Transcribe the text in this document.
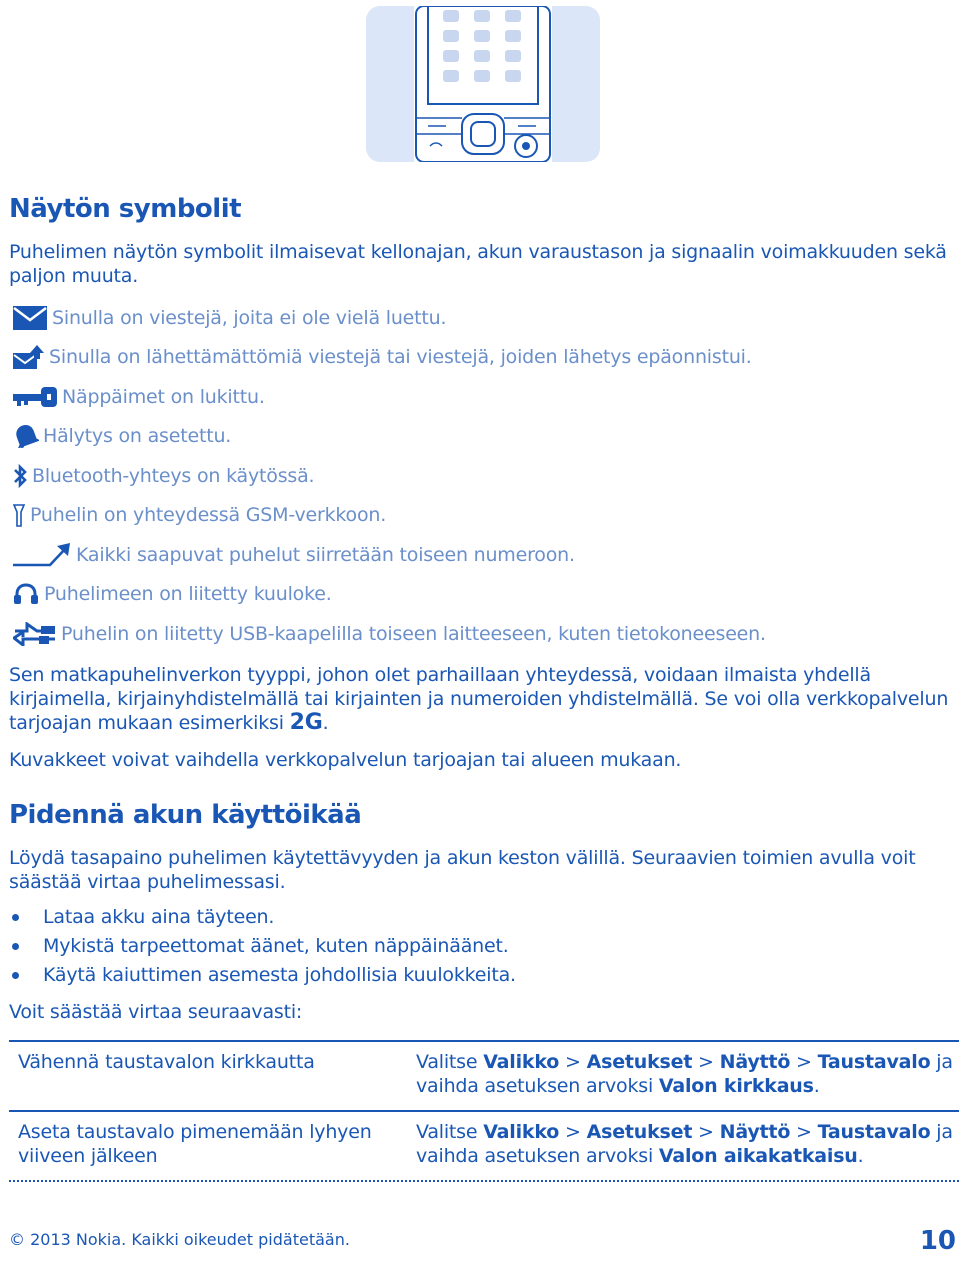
Näytön symbolit

Puhelimen näytön symbolit ilmaisevat kellonajan, akun varaustason ja signaalin voimakkuuden sekä paljon muuta.

Sinulla on viestejä, joita ei ole vielä luettu.
Sinulla on lähettämättömiä viestejä tai viestejä, joiden lähetys epäonnistui.
Näppäimet on lukittu.
Hälytys on asetettu.
Bluetooth-yhteys on käytössä.
Puhelin on yhteydessä GSM-verkkoon.
Kaikki saapuvat puhelut siirretään toiseen numeroon.
Puhelimeen on liitetty kuuloke.
Puhelin on liitetty USB-kaapelilla toiseen laitteeseen, kuten tietokoneeseen.

Sen matkapuhelinverkon tyyppi, johon olet parhaillaan yhteydessä, voidaan ilmaista yhdellä kirjaimella, kirjainyhdistelmällä tai kirjainten ja numeroiden yhdistelmällä. Se voi olla verkkopalvelun tarjoajan mukaan esimerkiksi 2G.

Kuvakkeet voivat vaihdella verkkopalvelun tarjoajan tai alueen mukaan.

Pidennä akun käyttöikää

Löydä tasapaino puhelimen käytettävyyden ja akun keston välillä. Seuraavien toimien avulla voit säästää virtaa puhelimessasi.

Lataa akku aina täyteen.
Mykistä tarpeettomat äänet, kuten näppäinäänet.
Käytä kaiuttimen asemesta johdollisia kuulokkeita.

Voit säästää virtaa seuraavasti:

Vähennä taustavalon kirkkautta	Valitse Valikko > Asetukset > Näyttö > Taustavalo ja vaihda asetuksen arvoksi Valon kirkkaus.
Aseta taustavalo pimenemään lyhyen viiveen jälkeen
Valitse Valikko > Asetukset > Näyttö > Taustavalo ja vaihda asetuksen arvoksi Valon aikakatkaisu.
© 2013 Nokia. Kaikki oikeudet pidätetään.	10
